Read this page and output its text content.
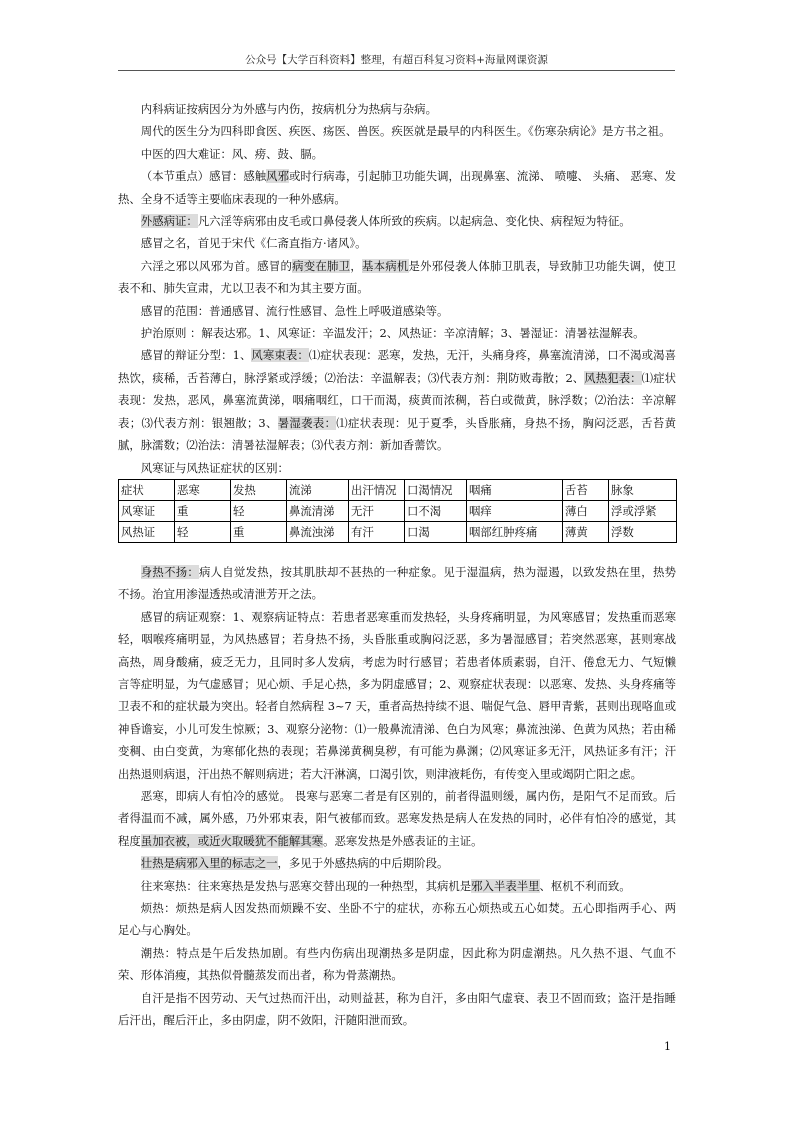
公众号【大学百科资料】整理，有超百科复习资料+海量网课资源

内科病证按病因分为外感与内伤，按病机分为热病与杂病。

周代的医生分为四科即食医、疾医、疡医、兽医。疾医就是最早的内科医生。《伤寒杂病论》是方书之祖。

中医的四大难证：风、痨、鼓、膈。

（本节重点）感冒：感触风邪或时行病毒，引起肺卫功能失调，出现鼻塞、流涕、 喷嚏、 头痛、 恶寒、发热、全身不适等主要临床表现的一种外感病。

外感病证：凡六淫等病邪由皮毛或口鼻侵袭人体所致的疾病。以起病急、变化快、病程短为特征。

感冒之名，首见于宋代《仁斋直指方·诸风》。

六淫之邪以风邪为首。感冒的病变在肺卫，基本病机是外邪侵袭人体肺卫肌表，导致肺卫功能失调，使卫表不和、肺失宣肃，尤以卫表不和为其主要方面。

感冒的范围：普通感冒、流行性感冒、急性上呼吸道感染等。

护治原则 ：解表达邪。1、风寒证：辛温发汗；2、风热证：辛凉清解；3、暑湿证：清暑祛湿解表。

感冒的辩证分型：1、风寒束表：⑴症状表现：恶寒，发热，无汗，头痛身疼，鼻塞流清涕，口不渴或渴喜热饮，痰稀，舌苔薄白，脉浮紧或浮缓；⑵治法：辛温解表；⑶代表方剂：荆防败毒散；2、风热犯表：⑴症状表现：发热，恶风，鼻塞流黄涕，咽痛咽红，口干而渴，痰黄而浓稠，苔白或微黄，脉浮数；⑵治法：辛凉解表；⑶代表方剂：银翘散；3、暑湿袭表：⑴症状表现：见于夏季，头昏胀痛，身热不扬，胸闷泛恶，舌苔黄腻，脉濡数；⑵治法：清暑祛湿解表；⑶代表方剂：新加香薷饮。

风寒证与风热证症状的区别：

症状	恶寒	发热	流涕	出汗情况	口渴情况	咽痛	舌苔	脉象
风寒证	重	轻	鼻流清涕	无汗	口不渴	咽痒	薄白	浮或浮紧
风热证	轻	重	鼻流浊涕	有汗	口渴	咽部红肿疼痛	薄黄	浮数

身热不扬：病人自觉发热，按其肌肤却不甚热的一种症象。见于湿温病，热为湿遏，以致发热在里，热势不扬。治宜用渗湿透热或清泄芳开之法。

感冒的病证观察：1、观察病证特点：若患者恶寒重而发热轻，头身疼痛明显，为风寒感冒；发热重而恶寒轻，咽喉疼痛明显，为风热感冒；若身热不扬，头昏胀重或胸闷泛恶，多为暑湿感冒；若突然恶寒，甚则寒战高热，周身酸痛，疲乏无力，且同时多人发病，考虑为时行感冒；若患者体质素弱，自汗、倦怠无力、气短懒言等症明显，为气虚感冒；见心烦、手足心热，多为阴虚感冒；2、观察症状表现：以恶寒、发热、头身疼痛等卫表不和的症状最为突出。轻者自然病程 3~7 天，重者高热持续不退、喘促气急、唇甲青紫，甚则出现咯血或神昏谵妄，小儿可发生惊厥；3、观察分泌物：⑴一般鼻流清涕、色白为风寒；鼻流浊涕、色黄为风热；若由稀变稠、由白变黄，为寒郁化热的表现；若鼻涕黄稠臭秽，有可能为鼻渊；⑵风寒证多无汗，风热证多有汗；汗出热退则病退，汗出热不解则病进；若大汗淋漓，口渴引饮，则津液耗伤，有传变入里或竭阴亡阳之虑。

恶寒，即病人有怕冷的感觉。 畏寒与恶寒二者是有区别的，前者得温则缓，属内伤，是阳气不足而致。后者得温而不减，属外感，乃外邪束表，阳气被郁而致。恶寒发热是病人在发热的同时，必伴有怕冷的感觉，其程度虽加衣被，或近火取暖犹不能解其寒。恶寒发热是外感表证的主证。

壮热是病邪入里的标志之一，多见于外感热病的中后期阶段。

往来寒热：往来寒热是发热与恶寒交替出现的一种热型，其病机是邪入半表半里、枢机不利而致。

烦热：烦热是病人因发热而烦躁不安、坐卧不宁的症状，亦称五心烦热或五心如焚。五心即指两手心、两足心与心胸处。

潮热：特点是午后发热加剧。有些内伤病出现潮热多是阴虚，因此称为阴虚潮热。凡久热不退、气血不荣、形体消瘦，其热似骨髓蒸发而出者，称为骨蒸潮热。

自汗是指不因劳动、天气过热而汗出，动则益甚，称为自汗，多由阳气虚衰、表卫不固而致；盗汗是指睡后汗出，醒后汗止，多由阴虚，阴不敛阳，汗随阳泄而致。

1
